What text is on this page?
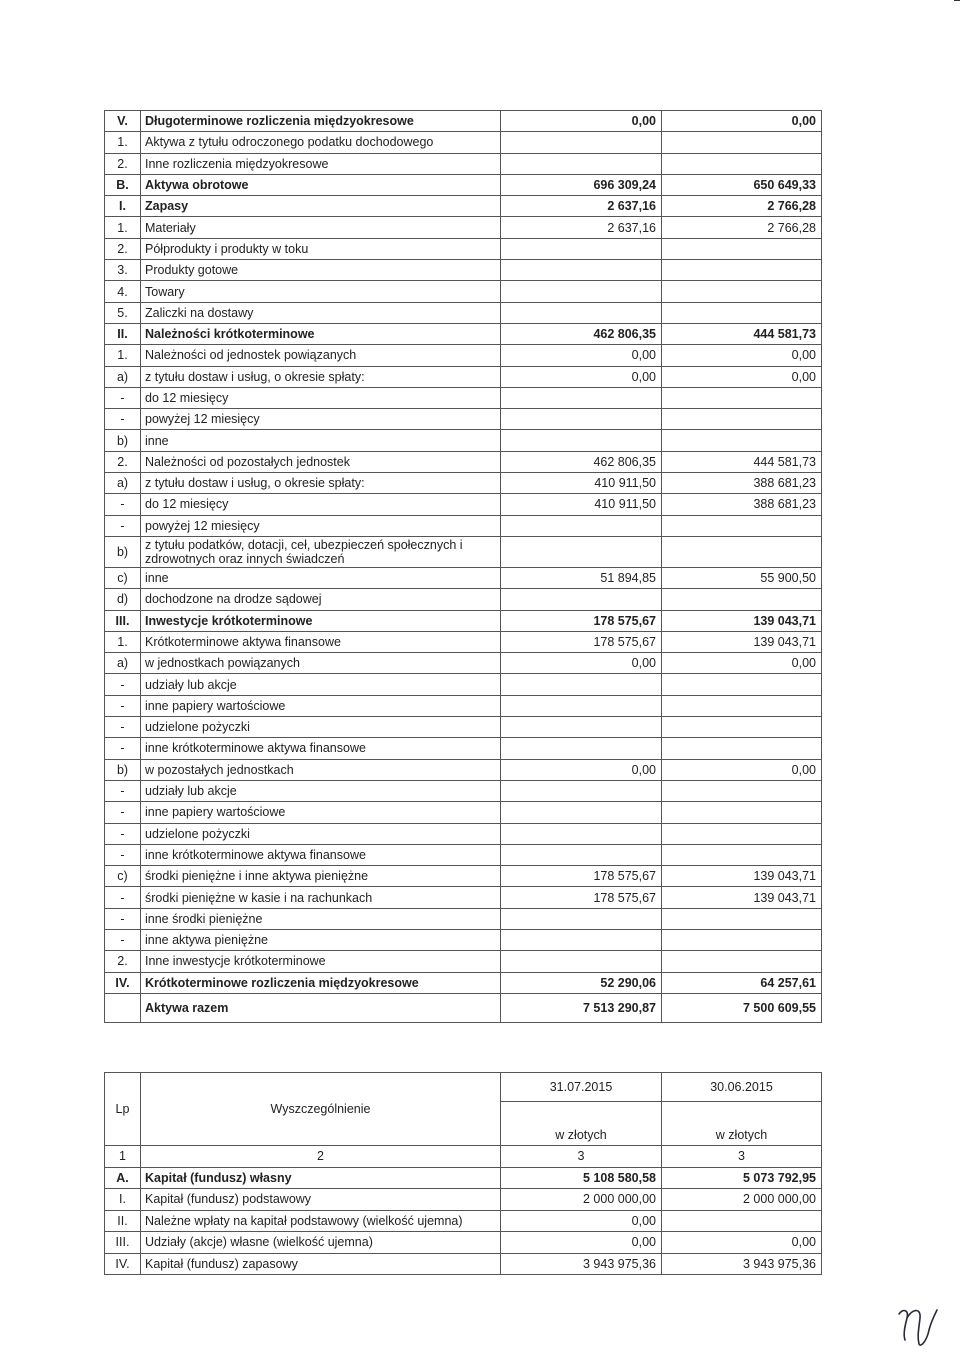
V.	Długoterminowe rozliczenia międzyokresowe	0,00	0,00
1.	Aktywa z tytułu odroczonego podatku dochodowego		
2.	Inne rozliczenia międzyokresowe		
B.	Aktywa obrotowe	696 309,24	650 649,33
I.	Zapasy	2 637,16	2 766,28
1.	Materiały	2 637,16	2 766,28
2.	Półprodukty i produkty w toku		
3.	Produkty gotowe		
4.	Towary		
5.	Zaliczki na dostawy		
II.	Należności krótkoterminowe	462 806,35	444 581,73
1.	Należności od jednostek powiązanych	0,00	0,00
a)	z tytułu dostaw i usług, o okresie spłaty:	0,00	0,00
-	do 12 miesięcy		
-	powyżej 12 miesięcy		
b)	inne		
2.	Należności od pozostałych jednostek	462 806,35	444 581,73
a)	z tytułu dostaw i usług, o okresie spłaty:	410 911,50	388 681,23
-	do 12 miesięcy	410 911,50	388 681,23
-	powyżej 12 miesięcy		
b)	z tytułu podatków, dotacji, ceł, ubezpieczeń społecznych i zdrowotnych oraz innych świadczeń		
c)	inne	51 894,85	55 900,50
d)	dochodzone na drodze sądowej		
III.	Inwestycje krótkoterminowe	178 575,67	139 043,71
1.	Krótkoterminowe aktywa finansowe	178 575,67	139 043,71
a)	w jednostkach powiązanych	0,00	0,00
-	udziały lub akcje		
-	inne papiery wartościowe		
-	udzielone pożyczki		
-	inne krótkoterminowe aktywa finansowe		
b)	w pozostałych jednostkach	0,00	0,00
-	udziały lub akcje		
-	inne papiery wartościowe		
-	udzielone pożyczki		
-	inne krótkoterminowe aktywa finansowe		
c)	środki pieniężne i inne aktywa pieniężne	178 575,67	139 043,71
-	środki pieniężne w kasie i na rachunkach	178 575,67	139 043,71
-	inne środki pieniężne		
-	inne aktywa pieniężne		
2.	Inne inwestycje krótkoterminowe		
IV.	Krótkoterminowe rozliczenia międzyokresowe	52 290,06	64 257,61
	Aktywa razem	7 513 290,87	7 500 609,55
Lp	Wyszczególnienie	31.07.2015	30.06.2015
		w złotych	w złotych
1	2	3	3
A.	Kapitał (fundusz) własny	5 108 580,58	5 073 792,95
I.	Kapitał (fundusz) podstawowy	2 000 000,00	2 000 000,00
II.	Należne wpłaty na kapitał podstawowy (wielkość ujemna)	0,00	
III.	Udziały (akcje) własne (wielkość ujemna)	0,00	0,00
IV.	Kapitał (fundusz) zapasowy	3 943 975,36	3 943 975,36
